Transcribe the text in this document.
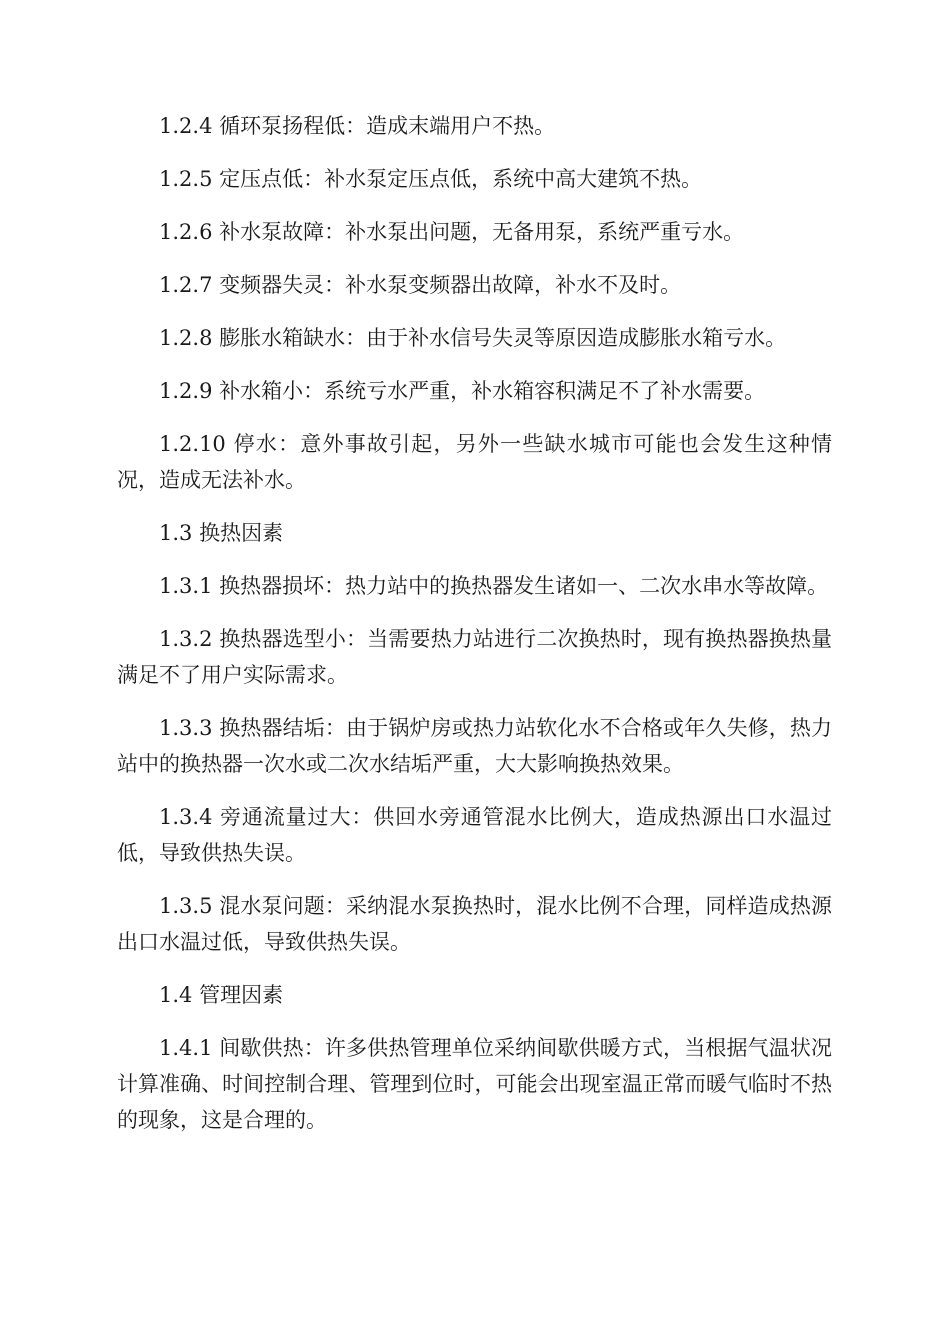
1.2.4 循环泵扬程低：造成末端用户不热。

1.2.5 定压点低：补水泵定压点低，系统中高大建筑不热。

1.2.6 补水泵故障：补水泵出问题，无备用泵，系统严重亏水。

1.2.7 变频器失灵：补水泵变频器出故障，补水不及时。

1.2.8 膨胀水箱缺水：由于补水信号失灵等原因造成膨胀水箱亏水。

1.2.9 补水箱小：系统亏水严重，补水箱容积满足不了补水需要。

1.2.10 停水：意外事故引起，另外一些缺水城市可能也会发生这种情况，造成无法补水。

1.3 换热因素

1.3.1 换热器损坏：热力站中的换热器发生诸如一、二次水串水等故障。

1.3.2 换热器选型小：当需要热力站进行二次换热时，现有换热器换热量满足不了用户实际需求。

1.3.3 换热器结垢：由于锅炉房或热力站软化水不合格或年久失修，热力站中的换热器一次水或二次水结垢严重，大大影响换热效果。

1.3.4 旁通流量过大：供回水旁通管混水比例大，造成热源出口水温过低，导致供热失误。

1.3.5 混水泵问题：采纳混水泵换热时，混水比例不合理，同样造成热源出口水温过低，导致供热失误。

1.4 管理因素

1.4.1 间歇供热：许多供热管理单位采纳间歇供暖方式，当根据气温状况计算准确、时间控制合理、管理到位时，可能会出现室温正常而暖气临时不热的现象，这是合理的。
